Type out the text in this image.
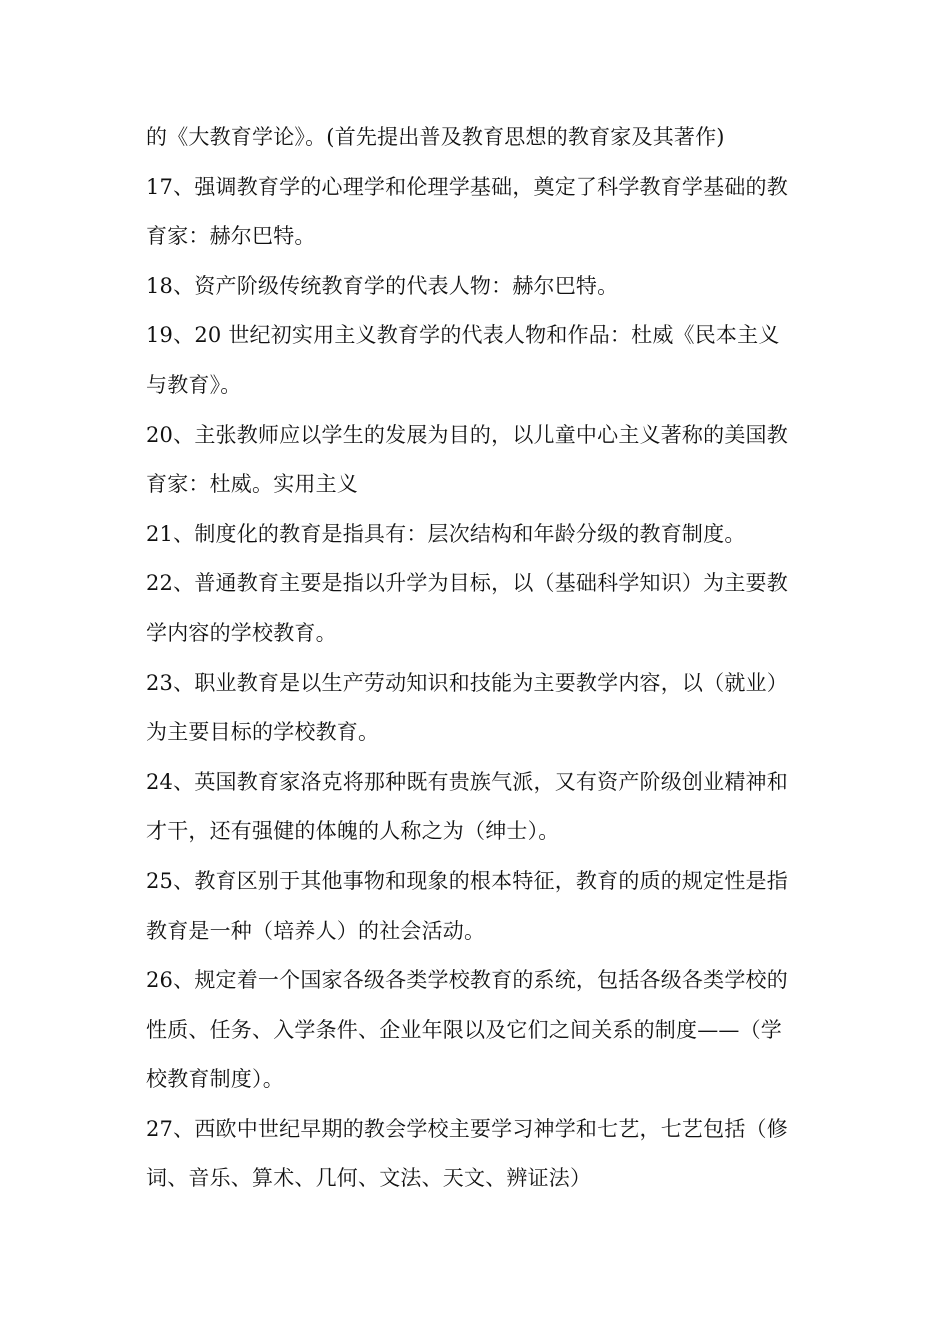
的《大教育学论》。(首先提出普及教育思想的教育家及其著作)
17、强调教育学的心理学和伦理学基础，奠定了科学教育学基础的教
育家：赫尔巴特。
18、资产阶级传统教育学的代表人物：赫尔巴特。
19、20 世纪初实用主义教育学的代表人物和作品：杜威《民本主义
与教育》。
20、主张教师应以学生的发展为目的，以儿童中心主义著称的美国教
育家：杜威。实用主义
21、制度化的教育是指具有：层次结构和年龄分级的教育制度。
22、普通教育主要是指以升学为目标，以（基础科学知识）为主要教
学内容的学校教育。
23、职业教育是以生产劳动知识和技能为主要教学内容，以（就业）
为主要目标的学校教育。
24、英国教育家洛克将那种既有贵族气派，又有资产阶级创业精神和
才干，还有强健的体魄的人称之为（绅士）。
25、教育区别于其他事物和现象的根本特征，教育的质的规定性是指
教育是一种（培养人）的社会活动。
26、规定着一个国家各级各类学校教育的系统，包括各级各类学校的
性质、任务、入学条件、企业年限以及它们之间关系的制度——（学
校教育制度）。
27、西欧中世纪早期的教会学校主要学习神学和七艺，七艺包括（修
词、音乐、算术、几何、文法、天文、辨证法）
